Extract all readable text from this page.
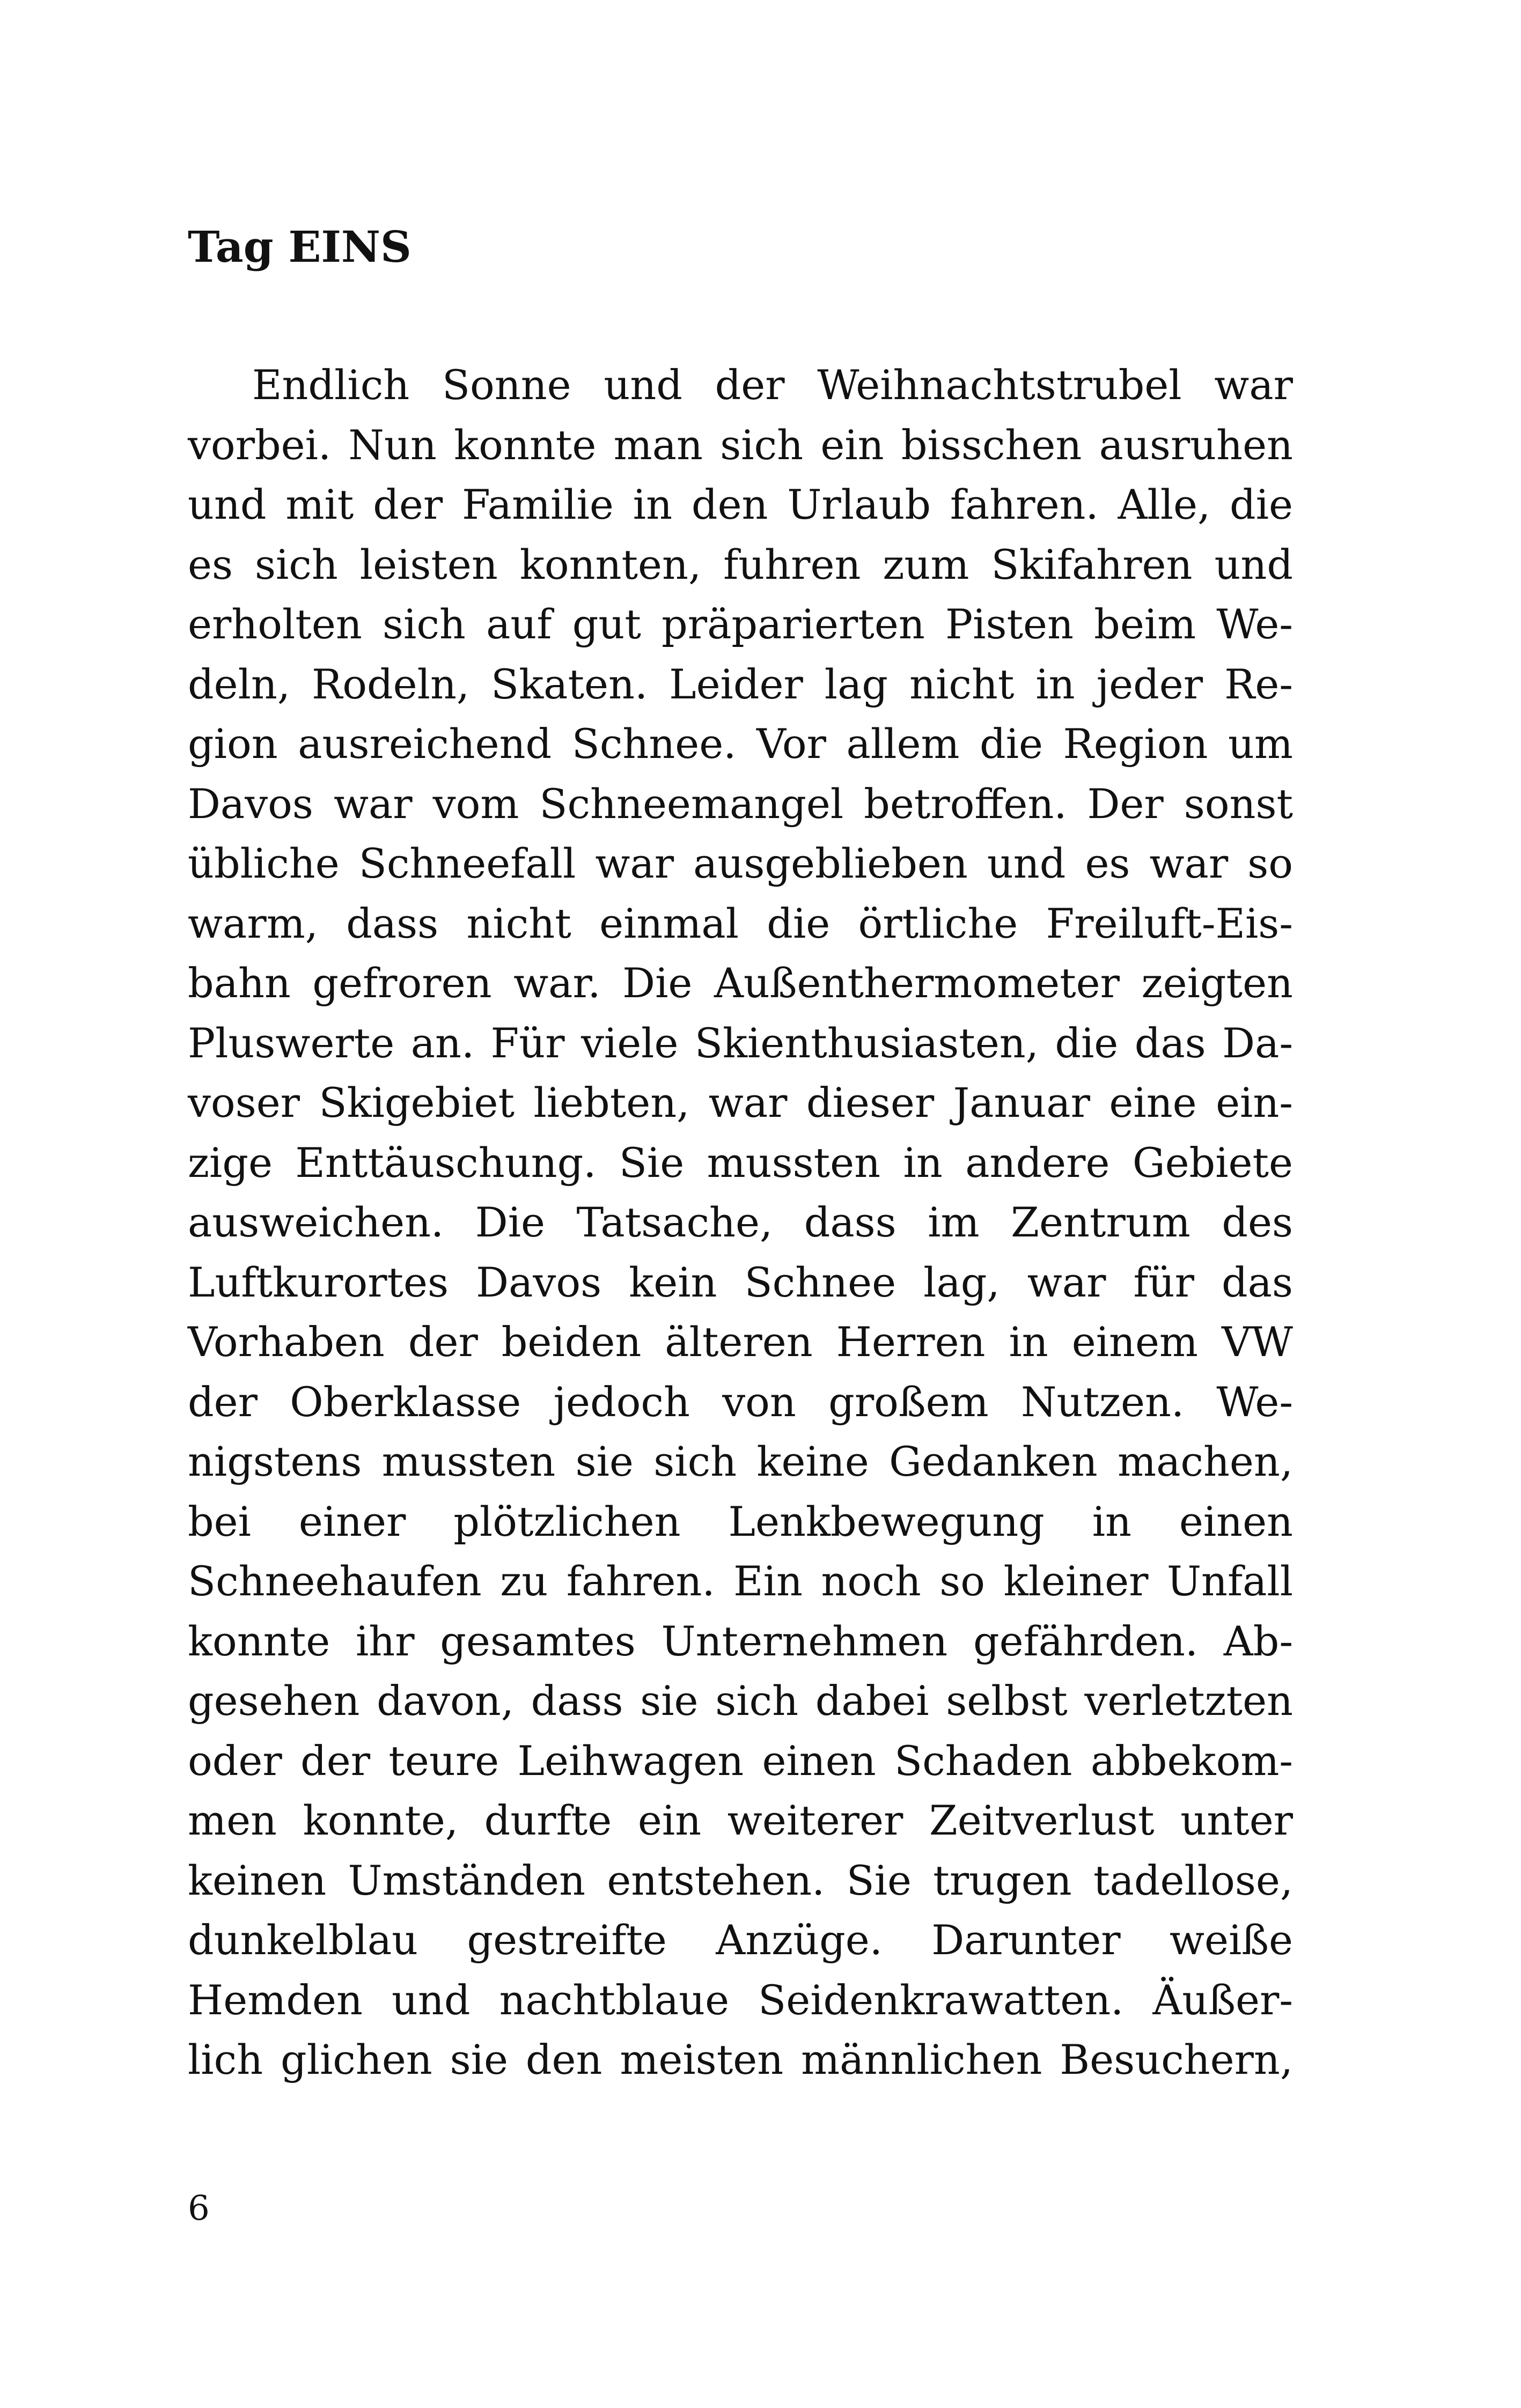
Tag EINS
Endlich Sonne und der Weihnachtstrubel war
vorbei. Nun konnte man sich ein bisschen ausruhen
und mit der Familie in den Urlaub fahren. Alle, die
es sich leisten konnten, fuhren zum Skifahren und
erholten sich auf gut präparierten Pisten beim We-
deln, Rodeln, Skaten. Leider lag nicht in jeder Re-
gion ausreichend Schnee. Vor allem die Region um
Davos war vom Schneemangel betroffen. Der sonst
übliche Schneefall war ausgeblieben und es war so
warm, dass nicht einmal die örtliche Freiluft-Eis-
bahn gefroren war. Die Außenthermometer zeigten
Pluswerte an. Für viele Skienthusiasten, die das Da-
voser Skigebiet liebten, war dieser Januar eine ein-
zige Enttäuschung. Sie mussten in andere Gebiete
ausweichen. Die Tatsache, dass im Zentrum des
Luftkurortes Davos kein Schnee lag, war für das
Vorhaben der beiden älteren Herren in einem VW
der Oberklasse jedoch von großem Nutzen. We-
nigstens mussten sie sich keine Gedanken machen,
bei einer plötzlichen Lenkbewegung in einen
Schneehaufen zu fahren. Ein noch so kleiner Unfall
konnte ihr gesamtes Unternehmen gefährden. Ab-
gesehen davon, dass sie sich dabei selbst verletzten
oder der teure Leihwagen einen Schaden abbekom-
men konnte, durfte ein weiterer Zeitverlust unter
keinen Umständen entstehen. Sie trugen tadellose,
dunkelblau gestreifte Anzüge. Darunter weiße
Hemden und nachtblaue Seidenkrawatten. Äußer-
lich glichen sie den meisten männlichen Besuchern,
6
